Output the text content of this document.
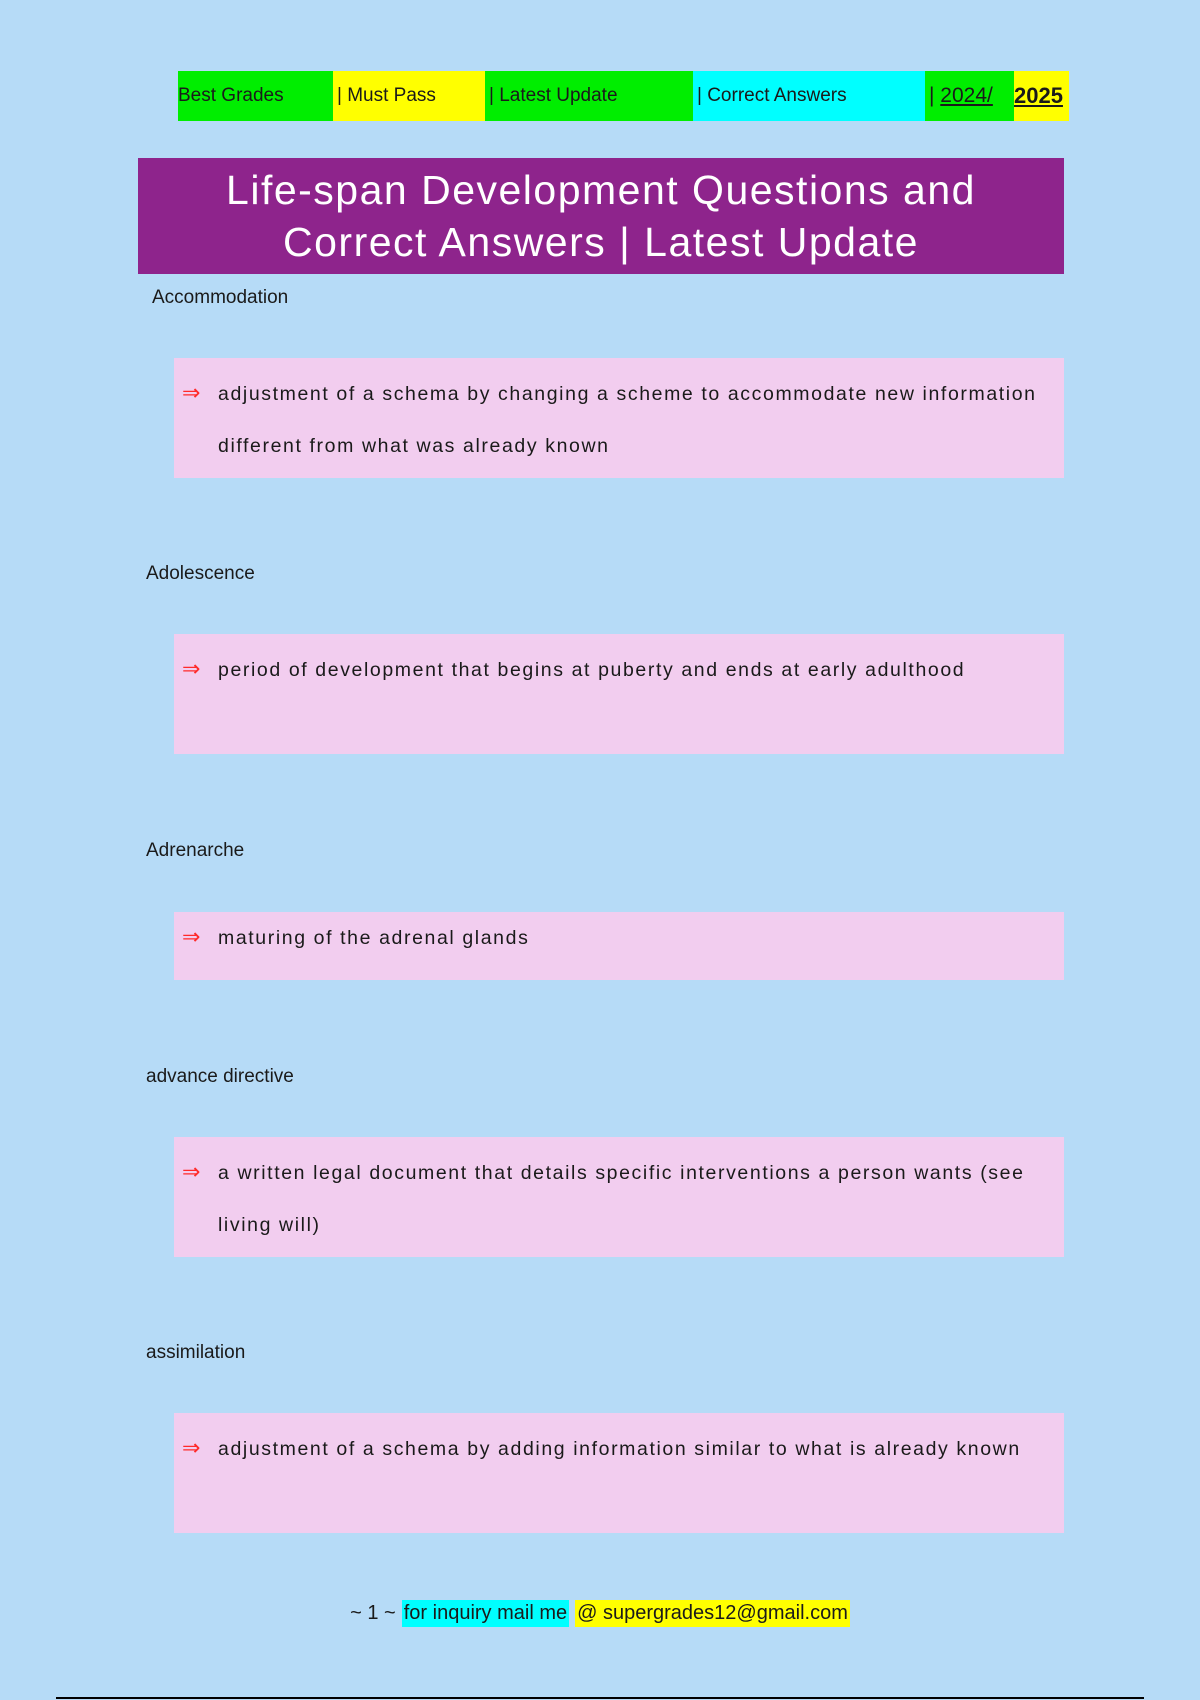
Best Grades	| Must Pass	| Latest Update	| Correct Answers	| 2024/ 2025
Life-span Development Questions and Correct Answers | Latest Update
Accommodation
⇒ adjustment of a schema by changing a scheme to accommodate new information different from what was already known
Adolescence
⇒ period of development that begins at puberty and ends at early adulthood
Adrenarche
⇒ maturing of the adrenal glands
advance directive
⇒ a written legal document that details specific interventions a person wants (see living will)
assimilation
⇒ adjustment of a schema by adding information similar to what is already known
~ 1 ~ for inquiry mail me @ supergrades12@gmail.com
